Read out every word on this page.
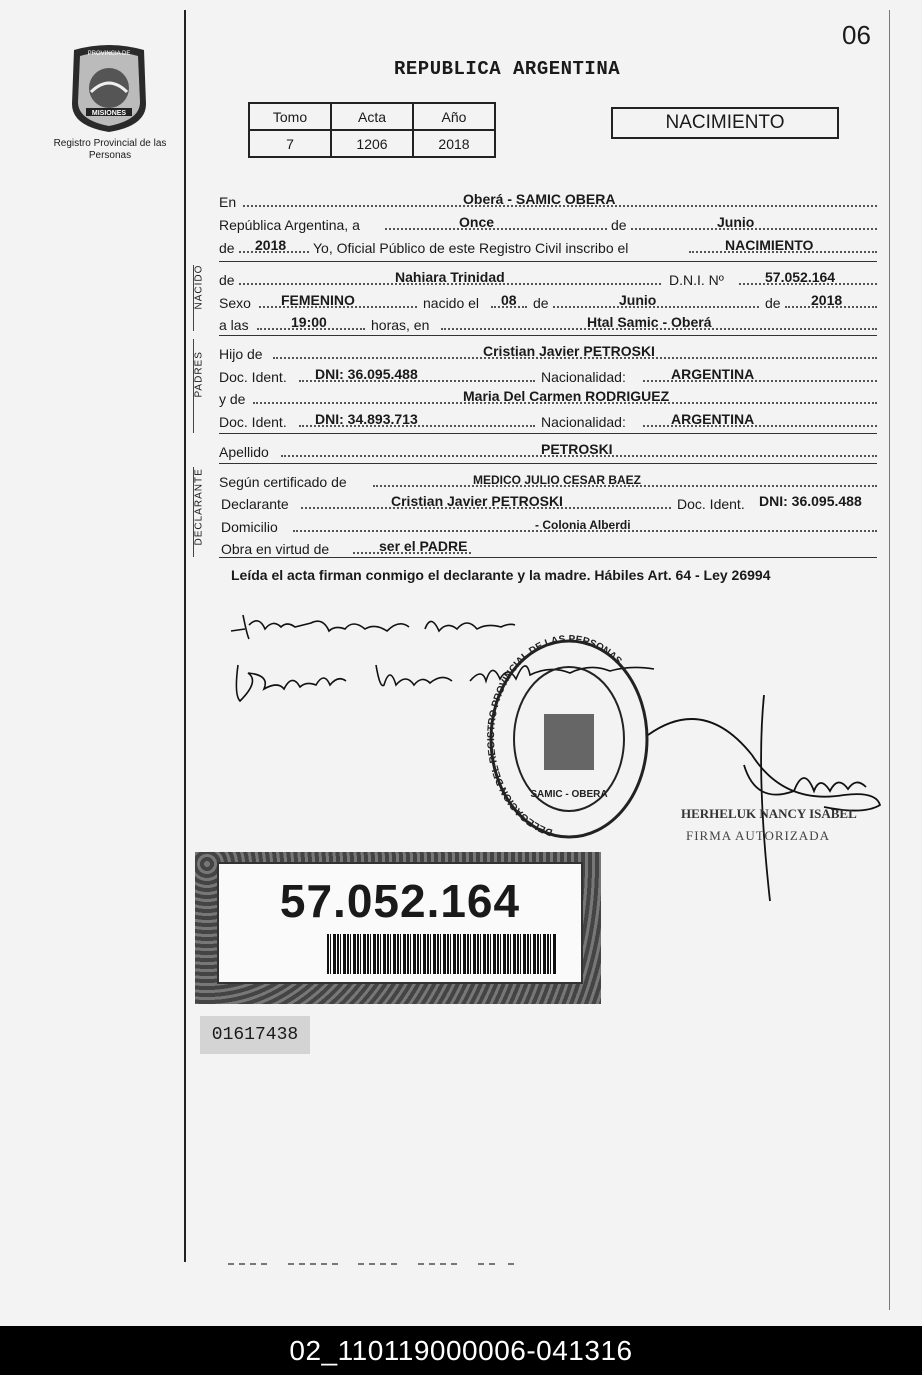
06
PROVINCIA DE
MISIONES
Registro Provincial de las Personas
REPUBLICA ARGENTINA
Tomo	Acta	Año
7	1206	2018
NACIMIENTO
En	Oberá - SAMIC OBERA
República Argentina, a	Once	de	Junio
de 2018 Yo, Oficial Público de este Registro Civil inscribo el	NACIMIENTO
NACIDO de	Nahiara Trinidad	D.N.I. Nº	57.052.164
Sexo FEMENINO	nacido el 08 de	Junio	de 2018
a las	19:00	horas, en	Htal Samic - Oberá
PADRES Hijo de	Cristian Javier PETROSKI
Doc. Ident. DNI: 36.095.488	Nacionalidad:	ARGENTINA
y de	Maria Del Carmen RODRIGUEZ
Doc. Ident. DNI: 34.893.713	Nacionalidad:	ARGENTINA
Apellido	PETROSKI
DECLARANTE Según certificado de	MEDICO JULIO CESAR BAEZ
Declarante	Cristian Javier PETROSKI	Doc. Ident. DNI: 36.095.488
Domicilio	- Colonia Alberdi
Obra en virtud de	ser el PADRE
Leída el acta firman conmigo el declarante y la madre. Hábiles Art. 64 - Ley 26994
DELEGACION DEL REGISTRO PROVINCIAL DE LAS PERSONAS
SAMIC - OBERA
HERHELUK NANCY ISABEL
FIRMA AUTORIZADA
57.052.164
01617438
02_110119000006-041316
